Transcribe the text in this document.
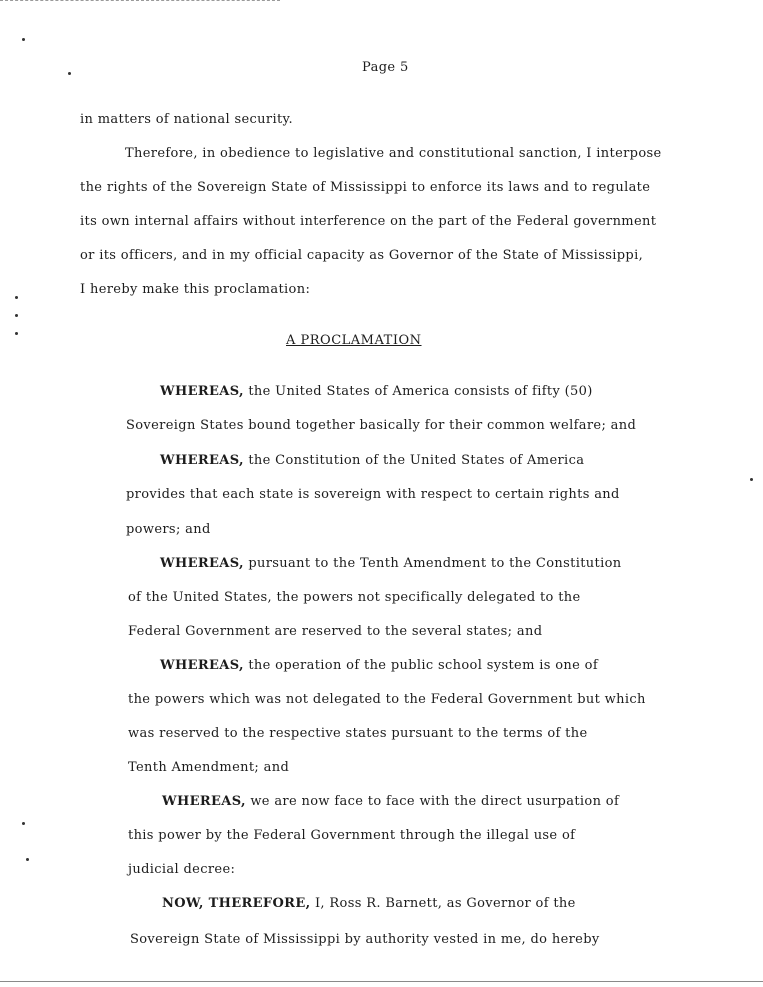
Page 5

in matters of national security.

Therefore, in obedience to legislative and constitutional sanction, I interpose

the rights of the Sovereign State of Mississippi to enforce its laws and to regulate

its own internal affairs without interference on the part of the Federal government

or its officers, and in my official capacity as Governor of the State of Mississippi,

I hereby make this proclamation:

A PROCLAMATION

WHEREAS, the United States of America consists of fifty (50)

Sovereign States bound together basically for their common welfare; and

WHEREAS, the Constitution of the United States of America

provides that each state is sovereign with respect to certain rights and

powers; and

WHEREAS, pursuant to the Tenth Amendment to the Constitution

of the United States, the powers not specifically delegated to the

Federal Government are reserved to the several states; and

WHEREAS, the operation of the public school system is one of

the powers which was not delegated to the Federal Government but which

was reserved to the respective states pursuant to the terms of the

Tenth Amendment; and

WHEREAS, we are now face to face with the direct usurpation of

this power by the Federal Government through the illegal use of

judicial decree:

NOW, THEREFORE, I, Ross R. Barnett, as Governor of the

Sovereign State of Mississippi by authority vested in me, do hereby
